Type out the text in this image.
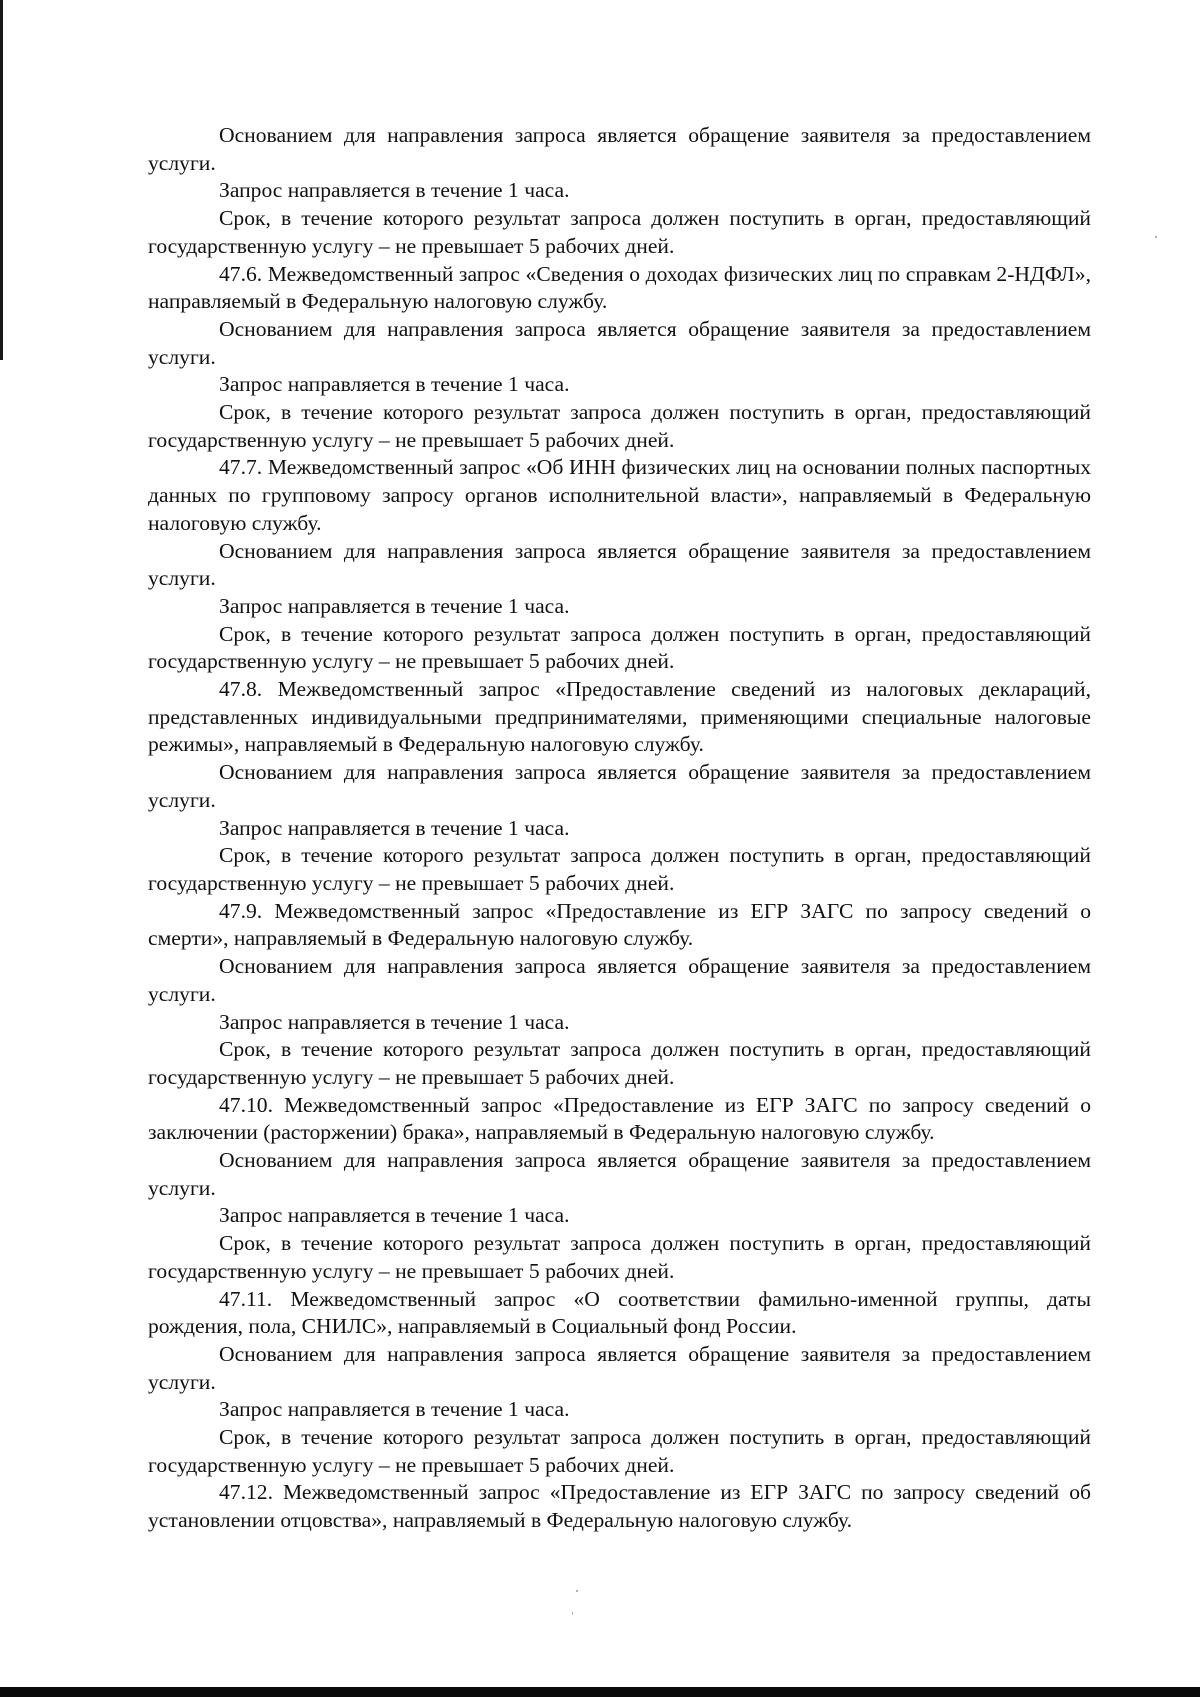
Основанием для направления запроса является обращение заявителя за предоставлением услуги.

Запрос направляется в течение 1 часа.

Срок, в течение которого результат запроса должен поступить в орган, предоставляющий государственную услугу – не превышает 5 рабочих дней.

47.6. Межведомственный запрос «Сведения о доходах физических лиц по справкам 2-НДФЛ», направляемый в Федеральную налоговую службу.

Основанием для направления запроса является обращение заявителя за предоставлением услуги.

Запрос направляется в течение 1 часа.

Срок, в течение которого результат запроса должен поступить в орган, предоставляющий государственную услугу – не превышает 5 рабочих дней.

47.7. Межведомственный запрос «Об ИНН физических лиц на основании полных паспортных данных по групповому запросу органов исполнительной власти», направляемый в Федеральную налоговую службу.

Основанием для направления запроса является обращение заявителя за предоставлением услуги.

Запрос направляется в течение 1 часа.

Срок, в течение которого результат запроса должен поступить в орган, предоставляющий государственную услугу – не превышает 5 рабочих дней.

47.8. Межведомственный запрос «Предоставление сведений из налоговых деклараций, представленных индивидуальными предпринимателями, применяющими специальные налоговые режимы», направляемый в Федеральную налоговую службу.

Основанием для направления запроса является обращение заявителя за предоставлением услуги.

Запрос направляется в течение 1 часа.

Срок, в течение которого результат запроса должен поступить в орган, предоставляющий государственную услугу – не превышает 5 рабочих дней.

47.9. Межведомственный запрос «Предоставление из ЕГР ЗАГС по запросу сведений о смерти», направляемый в Федеральную налоговую службу.

Основанием для направления запроса является обращение заявителя за предоставлением услуги.

Запрос направляется в течение 1 часа.

Срок, в течение которого результат запроса должен поступить в орган, предоставляющий государственную услугу – не превышает 5 рабочих дней.

47.10. Межведомственный запрос «Предоставление из ЕГР ЗАГС по запросу сведений о заключении (расторжении) брака», направляемый в Федеральную налоговую службу.

Основанием для направления запроса является обращение заявителя за предоставлением услуги.

Запрос направляется в течение 1 часа.

Срок, в течение которого результат запроса должен поступить в орган, предоставляющий государственную услугу – не превышает 5 рабочих дней.

47.11. Межведомственный запрос «О соответствии фамильно-именной группы, даты рождения, пола, СНИЛС», направляемый в Социальный фонд России.

Основанием для направления запроса является обращение заявителя за предоставлением услуги.

Запрос направляется в течение 1 часа.

Срок, в течение которого результат запроса должен поступить в орган, предоставляющий государственную услугу – не превышает 5 рабочих дней.

47.12. Межведомственный запрос «Предоставление из ЕГР ЗАГС по запросу сведений об установлении отцовства», направляемый в Федеральную налоговую службу.
